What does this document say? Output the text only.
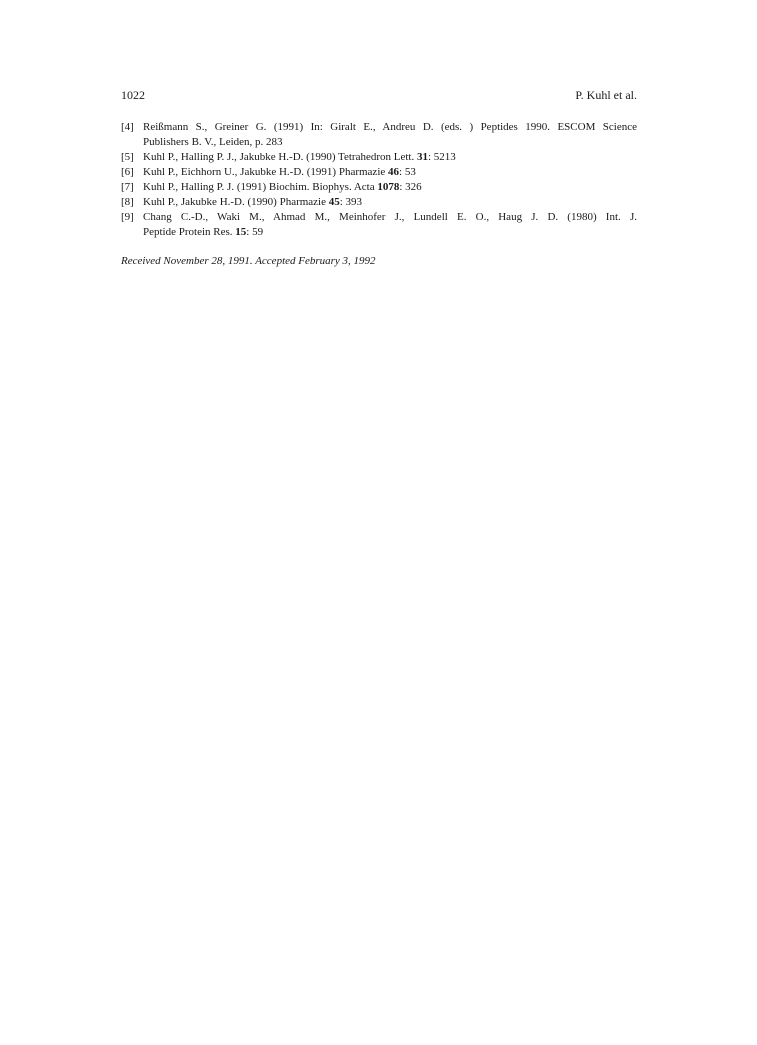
1022	P. Kuhl et al.
[4] Reißmann S., Greiner G. (1991) In: Giralt E., Andreu D. (eds. ) Peptides 1990. ESCOM Science
Publishers B. V., Leiden, p. 283
[5] Kuhl P., Halling P. J., Jakubke H.-D. (1990) Tetrahedron Lett. 31: 5213
[6] Kuhl P., Eichhorn U., Jakubke H.-D. (1991) Pharmazie 46: 53
[7] Kuhl P., Halling P. J. (1991) Biochim. Biophys. Acta 1078: 326
[8] Kuhl P., Jakubke H.-D. (1990) Pharmazie 45: 393
[9] Chang C.-D., Waki M., Ahmad M., Meinhofer J., Lundell E. O., Haug J. D. (1980) Int. J.
Peptide Protein Res. 15: 59
Received November 28, 1991. Accepted February 3, 1992
